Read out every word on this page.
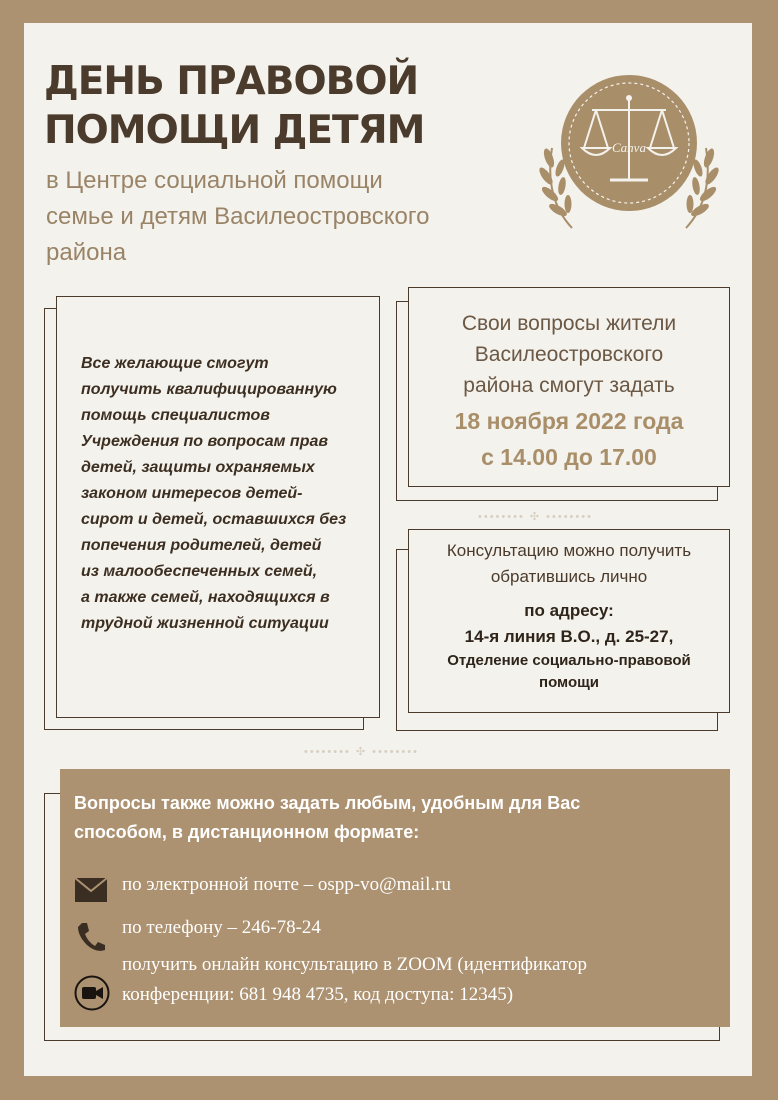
ДЕНЬ ПРАВОВОЙ
ПОМОЩИ ДЕТЯМ
в Центре социальной помощи
семье и детям Василеостровского
района
Canva
Все желающие смогут
получить квалифицированную
помощь специалистов
Учреждения по вопросам прав
детей, защиты охраняемых
законом интересов детей-
сирот и детей, оставшихся без
попечения родителей, детей
из малообеспеченных семей,
а также семей, находящихся в
трудной жизненной ситуации
Свои вопросы жители
Василеостровского
района смогут задать
18 ноября 2022 года
с 14.00 до 17.00
•••••••• ✣ ••••••••
Консультацию можно получить
обратившись лично
по адресу:
14-я линия В.О., д. 25-27,
Отделение социально-правовой
помощи
•••••••• ✣ ••••••••
Вопросы также можно задать любым, удобным для Вас
способом, в дистанционном формате:
по электронной почте – ospp-vo@mail.ru
по телефону – 246-78-24
получить онлайн консультацию в ZOOM (идентификатор
конференции: 681 948 4735, код доступа: 12345)
